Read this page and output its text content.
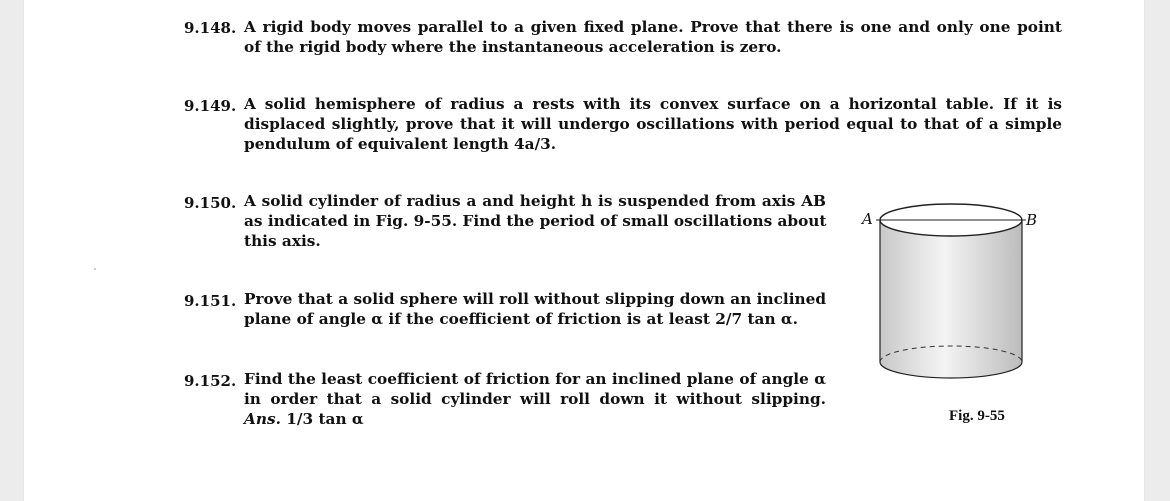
9.148. A rigid body moves parallel to a given fixed plane. Prove that there is one and only one point

of the rigid body where the instantaneous acceleration is zero.

9.149. A solid hemisphere of radius a rests with its convex surface on a horizontal table. If it is

displaced slightly, prove that it will undergo oscillations with period equal to that of a simple

pendulum of equivalent length 4a/3.

9.150. A solid cylinder of radius a and height h is suspended from axis AB

as indicated in Fig. 9-55. Find the period of small oscillations about

this axis.

9.151. Prove that a solid sphere will roll without slipping down an inclined

plane of angle α if the coefficient of friction is at least 2/7 tan α.

9.152. Find the least coefficient of friction for an inclined plane of angle α

in order that a solid cylinder will roll down it without slipping.

Ans. 1/3 tan α

A	B
Fig. 9-55
